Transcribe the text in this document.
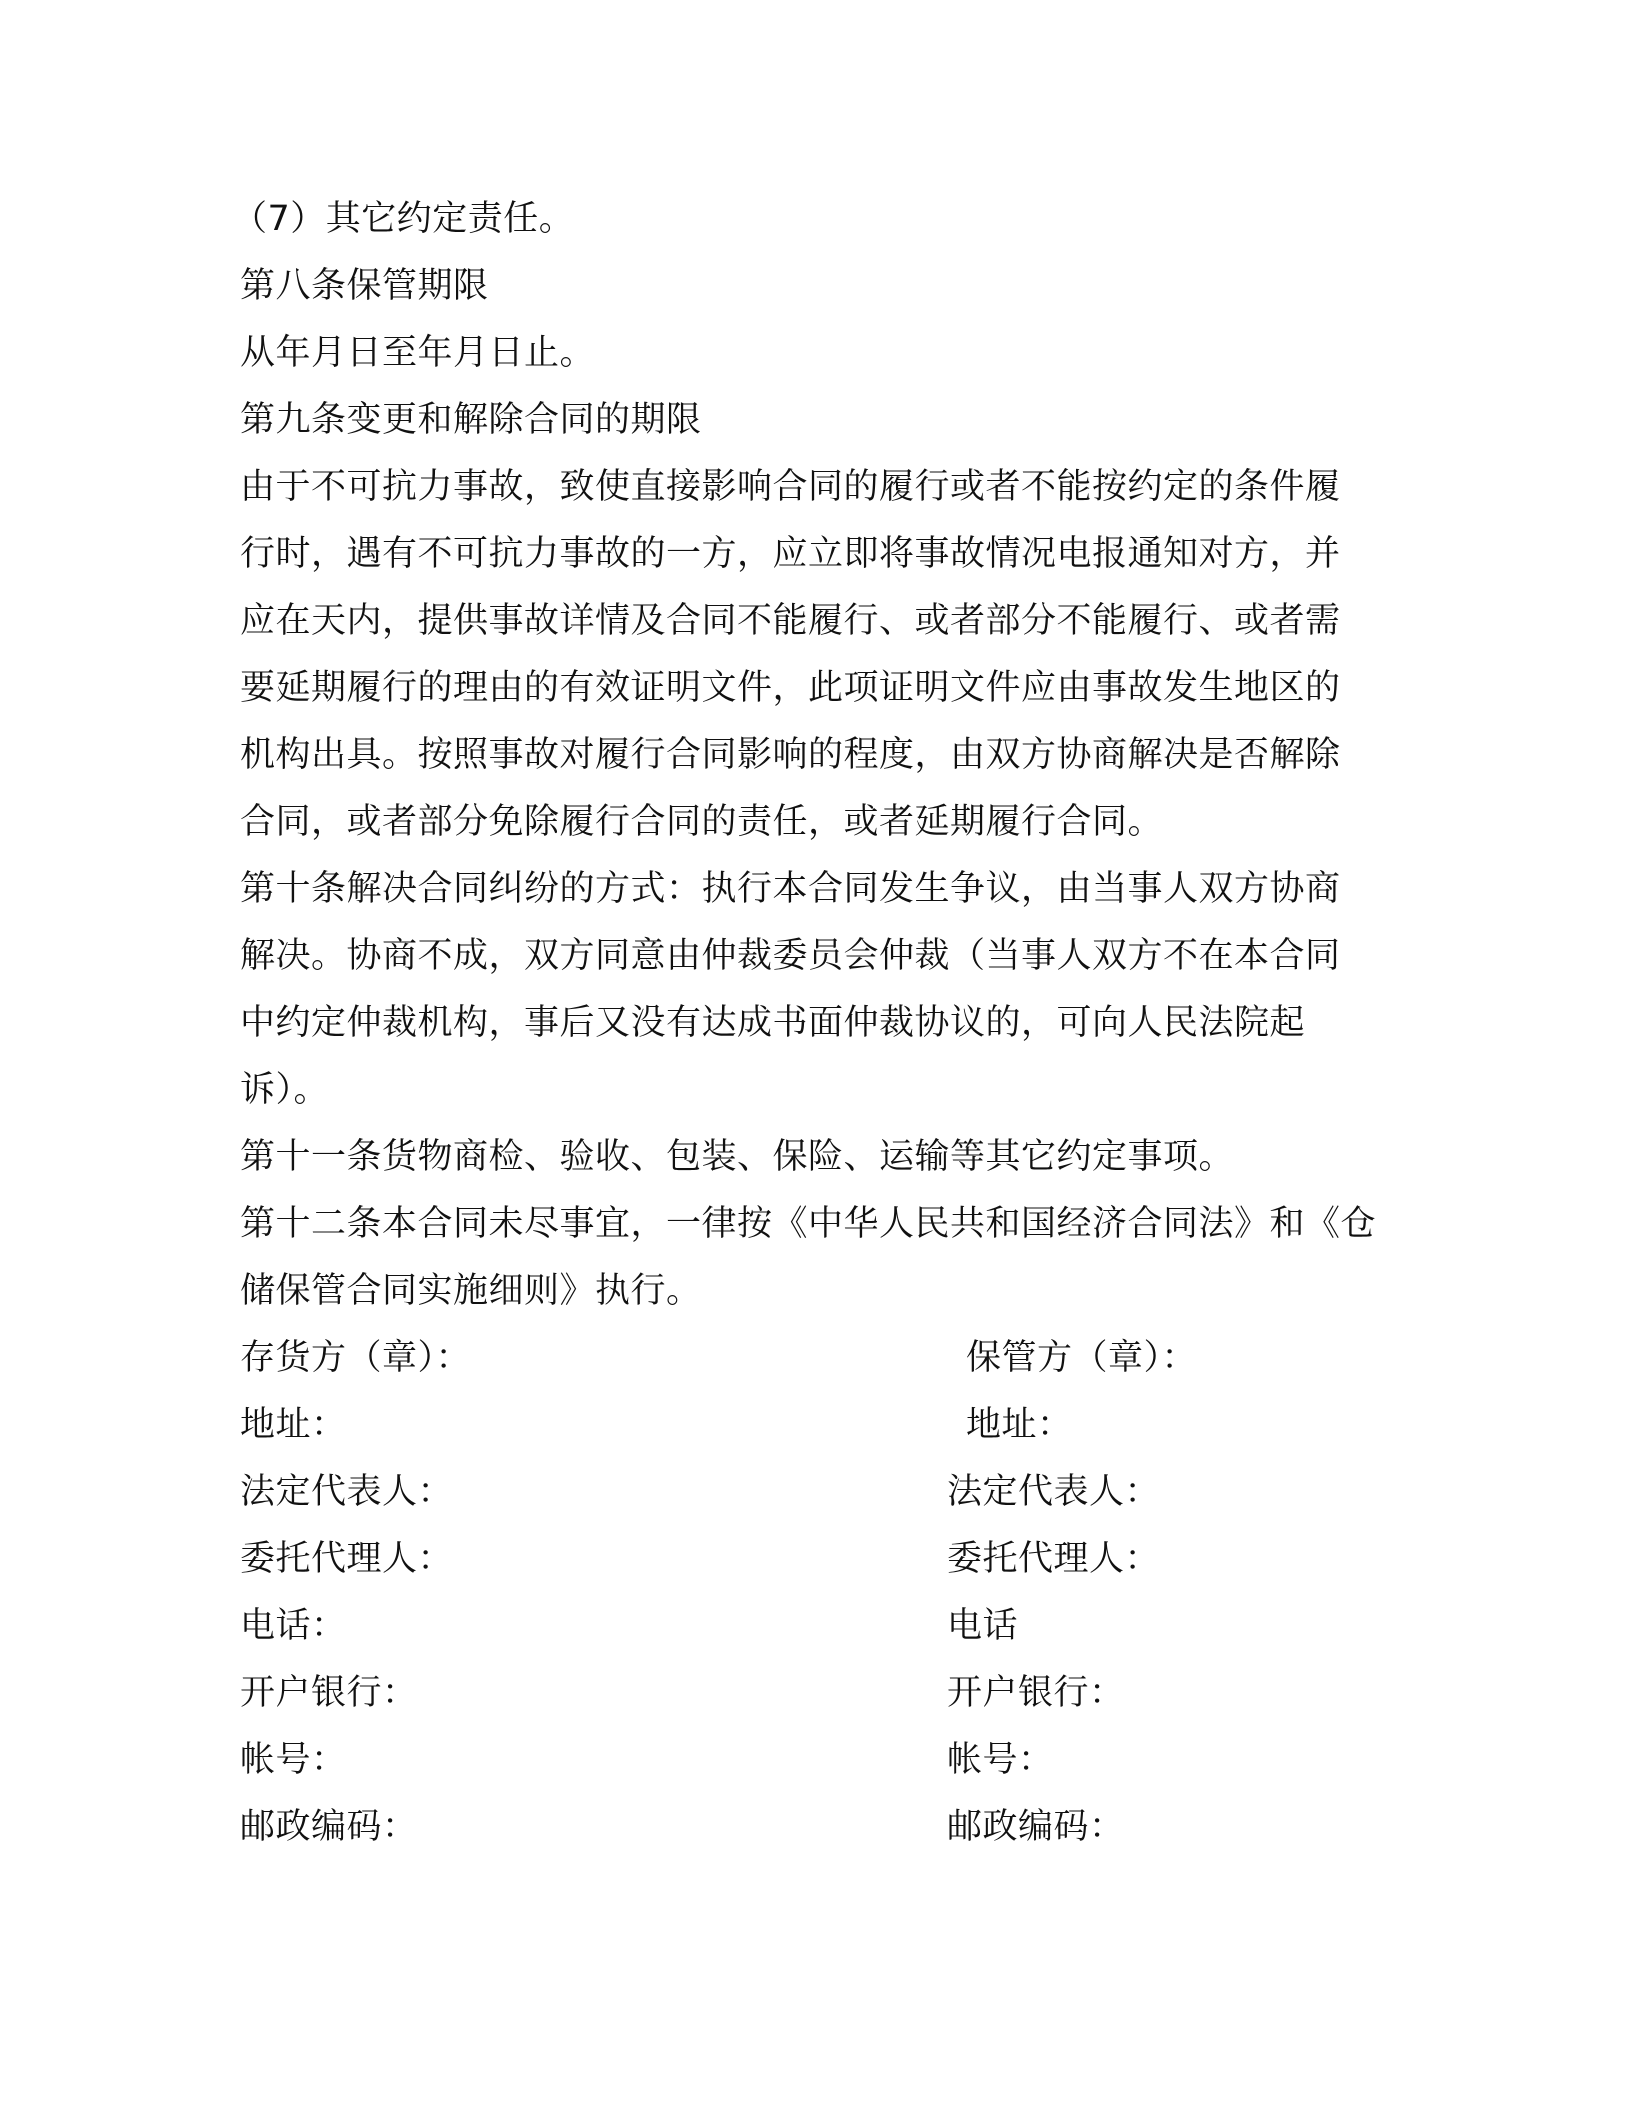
（7）其它约定责任。
第八条保管期限
从年月日至年月日止。
第九条变更和解除合同的期限
由于不可抗力事故，致使直接影响合同的履行或者不能按约定的条件履
行时，遇有不可抗力事故的一方，应立即将事故情况电报通知对方，并
应在天内，提供事故详情及合同不能履行、或者部分不能履行、或者需
要延期履行的理由的有效证明文件，此项证明文件应由事故发生地区的
机构出具。按照事故对履行合同影响的程度，由双方协商解决是否解除
合同，或者部分免除履行合同的责任，或者延期履行合同。
第十条解决合同纠纷的方式：执行本合同发生争议，由当事人双方协商
解决。协商不成，双方同意由仲裁委员会仲裁（当事人双方不在本合同
中约定仲裁机构，事后又没有达成书面仲裁协议的，可向人民法院起
诉）。
第十一条货物商检、验收、包装、保险、运输等其它约定事项。
第十二条本合同未尽事宜，一律按《中华人民共和国经济合同法》和《仓
储保管合同实施细则》执行。
存货方（章）：	保管方（章）：
地址：	地址：
法定代表人：	法定代表人：
委托代理人：	委托代理人：
电话：	电话
开户银行：	开户银行：
帐号：	帐号：
邮政编码：	邮政编码：
